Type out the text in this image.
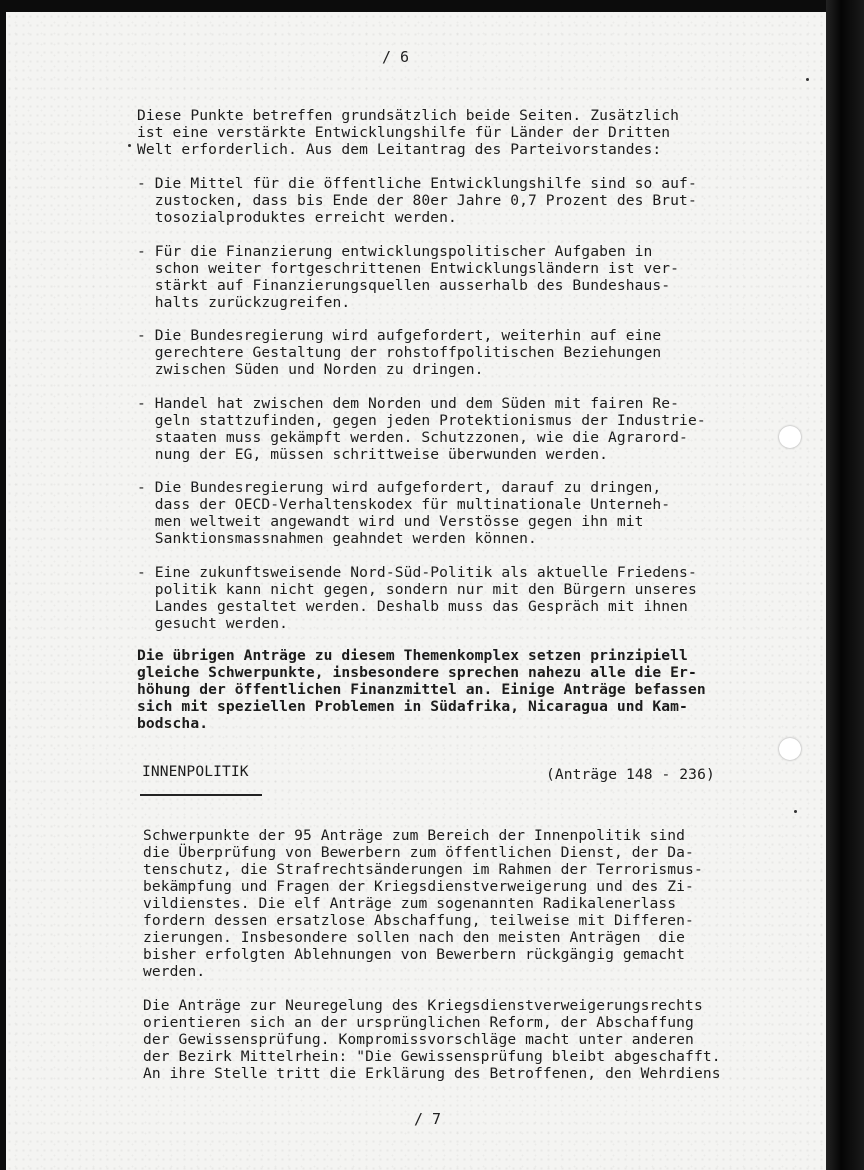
/ 6
Diese Punkte betreffen grundsätzlich beide Seiten. Zusätzlich
ist eine verstärkte Entwicklungshilfe für Länder der Dritten
Welt erforderlich. Aus dem Leitantrag des Parteivorstandes:
- Die Mittel für die öffentliche Entwicklungshilfe sind so auf-
zustocken, dass bis Ende der 80er Jahre 0,7 Prozent des Brut-
tosozialproduktes erreicht werden.
- Für die Finanzierung entwicklungspolitischer Aufgaben in
schon weiter fortgeschrittenen Entwicklungsländern ist ver-
stärkt auf Finanzierungsquellen ausserhalb des Bundeshaus-
halts zurückzugreifen.
- Die Bundesregierung wird aufgefordert, weiterhin auf eine
gerechtere Gestaltung der rohstoffpolitischen Beziehungen
zwischen Süden und Norden zu dringen.
- Handel hat zwischen dem Norden und dem Süden mit fairen Re-
geln stattzufinden, gegen jeden Protektionismus der Industrie-
staaten muss gekämpft werden. Schutzzonen, wie die Agrarord-
nung der EG, müssen schrittweise überwunden werden.
- Die Bundesregierung wird aufgefordert, darauf zu dringen,
dass der OECD-Verhaltenskodex für multinationale Unterneh-
men weltweit angewandt wird und Verstösse gegen ihn mit
Sanktionsmassnahmen geahndet werden können.
- Eine zukunftsweisende Nord-Süd-Politik als aktuelle Friedens-
politik kann nicht gegen, sondern nur mit den Bürgern unseres
Landes gestaltet werden. Deshalb muss das Gespräch mit ihnen
gesucht werden.
Die übrigen Anträge zu diesem Themenkomplex setzen prinzipiell
gleiche Schwerpunkte, insbesondere sprechen nahezu alle die Er-
höhung der öffentlichen Finanzmittel an. Einige Anträge befassen
sich mit speziellen Problemen in Südafrika, Nicaragua und Kam-
bodscha.
INNENPOLITIK	(Anträge 148 - 236)
Schwerpunkte der 95 Anträge zum Bereich der Innenpolitik sind
die Überprüfung von Bewerbern zum öffentlichen Dienst, der Da-
tenschutz, die Strafrechtsänderungen im Rahmen der Terrorismus-
bekämpfung und Fragen der Kriegsdienstverweigerung und des Zi-
vildienstes. Die elf Anträge zum sogenannten Radikalenerlass
fordern dessen ersatzlose Abschaffung, teilweise mit Differen-
zierungen. Insbesondere sollen nach den meisten Anträgen  die
bisher erfolgten Ablehnungen von Bewerbern rückgängig gemacht
werden.
Die Anträge zur Neuregelung des Kriegsdienstverweigerungsrechts
orientieren sich an der ursprünglichen Reform, der Abschaffung
der Gewissensprüfung. Kompromissvorschläge macht unter anderen
der Bezirk Mittelrhein: "Die Gewissensprüfung bleibt abgeschafft.
An ihre Stelle tritt die Erklärung des Betroffenen, den Wehrdiens
/ 7
